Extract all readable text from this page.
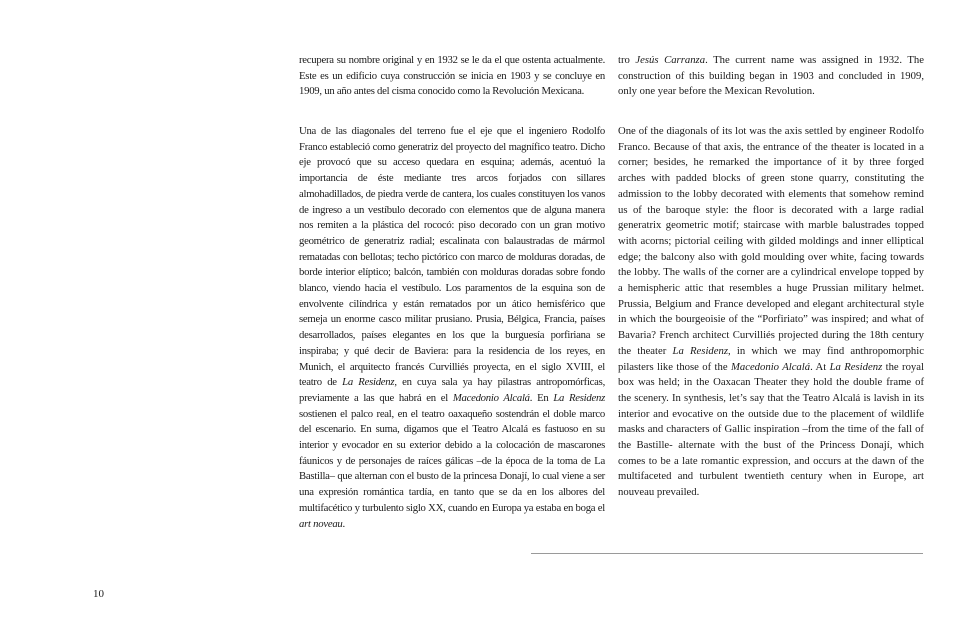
recupera su nombre original y en 1932 se le da el que ostenta actualmente. Este es un edificio cuya construcción se inicia en 1903 y se concluye en 1909, un año antes del cisma conocido como la Revolución Mexicana.

tro Jesús Carranza. The current name was assigned in 1932. The construction of this building began in 1903 and concluded in 1909, only one year before the Mexican Revolution.

Una de las diagonales del terreno fue el eje que el ingeniero Rodolfo Franco estableció como generatriz del proyecto del magnífico teatro. Dicho eje provocó que su acceso quedara en esquina; además, acentuó la importancia de éste mediante tres arcos forjados con sillares almohadillados, de piedra verde de cantera, los cuales constituyen los vanos de ingreso a un vestíbulo decorado con elementos que de alguna manera nos remiten a la plástica del rococó: piso decorado con un gran motivo geométrico de generatriz radial; escalinata con balaustradas de mármol rematadas con bellotas; techo pictórico con marco de molduras doradas, de borde interior elíptico; balcón, también con molduras doradas sobre fondo blanco, viendo hacia el vestíbulo. Los paramentos de la esquina son de envolvente cilíndrica y están rematados por un ático hemisférico que semeja un enorme casco militar prusiano. Prusia, Bélgica, Francia, países desarrollados, países elegantes en los que la burguesía porfiriana se inspiraba; y qué decir de Baviera: para la residencia de los reyes, en Munich, el arquitecto francés Curvilliés proyecta, en el siglo XVIII, el teatro de La Residenz, en cuya sala ya hay pilastras antropomórficas, previamente a las que habrá en el Macedonio Alcalá. En La Residenz sostienen el palco real, en el teatro oaxaqueño sostendrán el doble marco del escenario. En suma, digamos que el Teatro Alcalá es fastuoso en su interior y evocador en su exterior debido a la colocación de mascarones fáunicos y de personajes de raíces gálicas –de la época de la toma de La Bastilla– que alternan con el busto de la princesa Donají, lo cual viene a ser una expresión romántica tardía, en tanto que se da en los albores del multifacético y turbulento siglo XX, cuando en Europa ya estaba en boga el art noveau.

One of the diagonals of its lot was the axis settled by engineer Rodolfo Franco. Because of that axis, the entrance of the theater is located in a corner; besides, he remarked the importance of it by three forged arches with padded blocks of green stone quarry, constituting the admission to the lobby decorated with elements that somehow remind us of the baroque style: the floor is decorated with a large radial generatrix geometric motif; staircase with marble balustrades topped with acorns; pictorial ceiling with gilded moldings and inner elliptical edge; the balcony also with gold moulding over white, facing towards the lobby. The walls of the corner are a cylindrical envelope topped by a hemispheric attic that resembles a huge Prussian military helmet. Prussia, Belgium and France developed and elegant architectural style in which the bourgeoisie of the “Porfiriato” was inspired; and what of Bavaria? French architect Curvilliés projected during the 18th century the theater La Residenz, in which we may find anthropomorphic pilasters like those of the Macedonio Alcalá. At La Residenz the royal box was held; in the Oaxacan Theater they hold the double frame of the scenery. In synthesis, let’s say that the Teatro Alcalá is lavish in its interior and evocative on the outside due to the placement of wildlife masks and characters of Gallic inspiration –from the time of the fall of the Bastille- alternate with the bust of the Princess Donají, which comes to be a late romantic expression, and occurs at the dawn of the multifaceted and turbulent twentieth century when in Europe, art nouveau prevailed.

10
